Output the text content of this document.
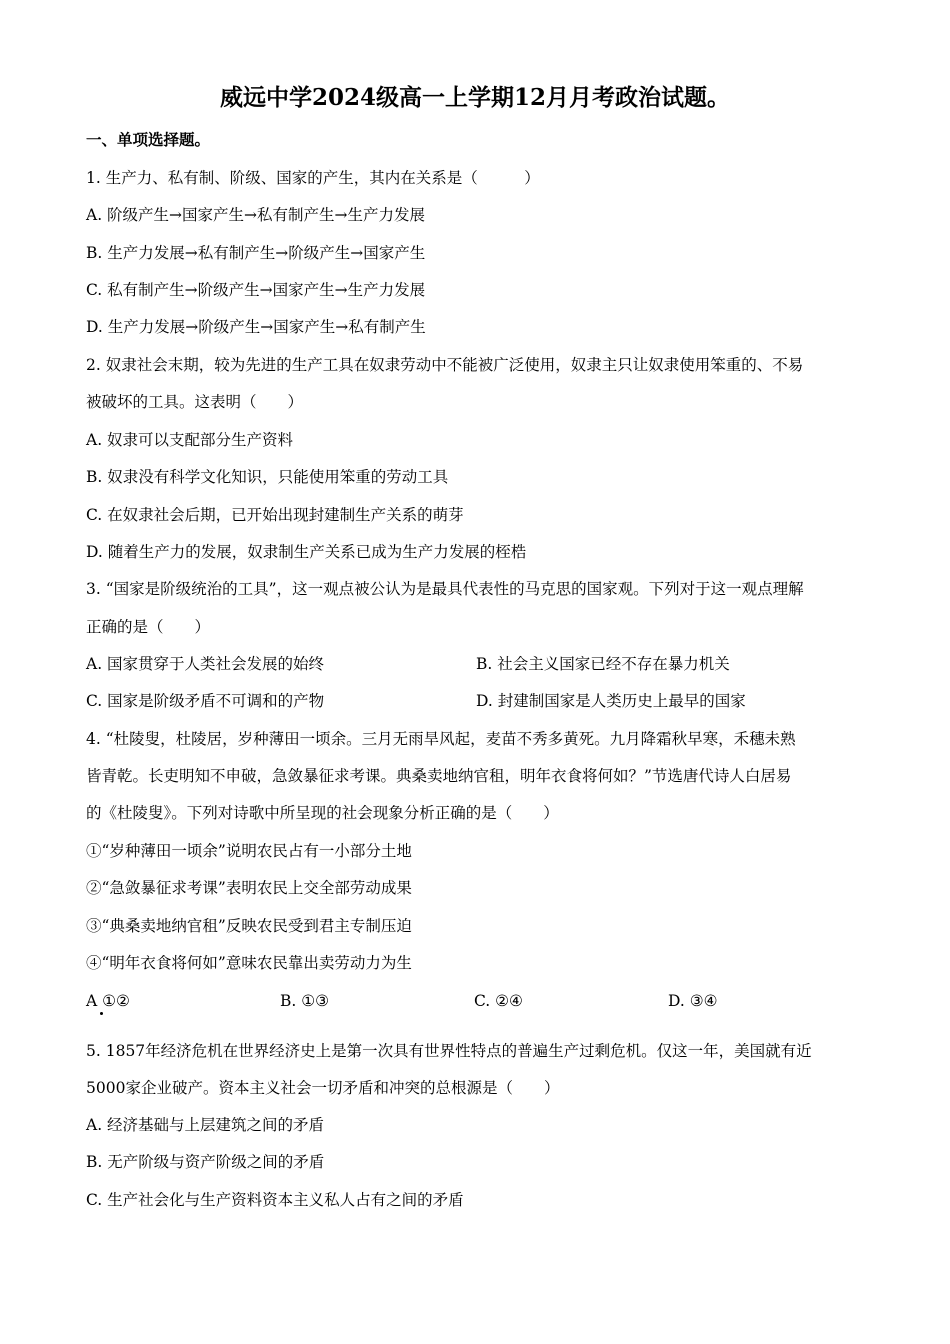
威远中学2024级高一上学期12月月考政治试题。
一、单项选择题。
1. 生产力、私有制、阶级、国家的产生，其内在关系是（　　　）
A. 阶级产生→国家产生→私有制产生→生产力发展
B. 生产力发展→私有制产生→阶级产生→国家产生
C. 私有制产生→阶级产生→国家产生→生产力发展
D. 生产力发展→阶级产生→国家产生→私有制产生
2. 奴隶社会末期，较为先进的生产工具在奴隶劳动中不能被广泛使用，奴隶主只让奴隶使用笨重的、不易
被破坏的工具。这表明（　　）
A. 奴隶可以支配部分生产资料
B. 奴隶没有科学文化知识，只能使用笨重的劳动工具
C. 在奴隶社会后期，已开始出现封建制生产关系的萌芽
D. 随着生产力的发展，奴隶制生产关系已成为生产力发展的桎梏
3. “国家是阶级统治的工具”，这一观点被公认为是最具代表性的马克思的国家观。下列对于这一观点理解
正确的是（　　）
A. 国家贯穿于人类社会发展的始终	B. 社会主义国家已经不存在暴力机关
C. 国家是阶级矛盾不可调和的产物	D. 封建制国家是人类历史上最早的国家
4. “杜陵叟，杜陵居，岁种薄田一顷余。三月无雨旱风起，麦苗不秀多黄死。九月降霜秋早寒，禾穗未熟
皆青乾。长吏明知不申破，急敛暴征求考课。典桑卖地纳官租，明年衣食将何如？”节选唐代诗人白居易
的《杜陵叟》。下列对诗歌中所呈现的社会现象分析正确的是（　　）
①“岁种薄田一顷余”说明农民占有一小部分土地
②“急敛暴征求考课”表明农民上交全部劳动成果
③“典桑卖地纳官租”反映农民受到君主专制压迫
④“明年衣食将何如”意味农民靠出卖劳动力为生
A ①②	B. ①③	C. ②④	D. ③④
5. 1857年经济危机在世界经济史上是第一次具有世界性特点的普遍生产过剩危机。仅这一年，美国就有近
5000家企业破产。资本主义社会一切矛盾和冲突的总根源是（　　）
A. 经济基础与上层建筑之间的矛盾
B. 无产阶级与资产阶级之间的矛盾
C. 生产社会化与生产资料资本主义私人占有之间的矛盾
